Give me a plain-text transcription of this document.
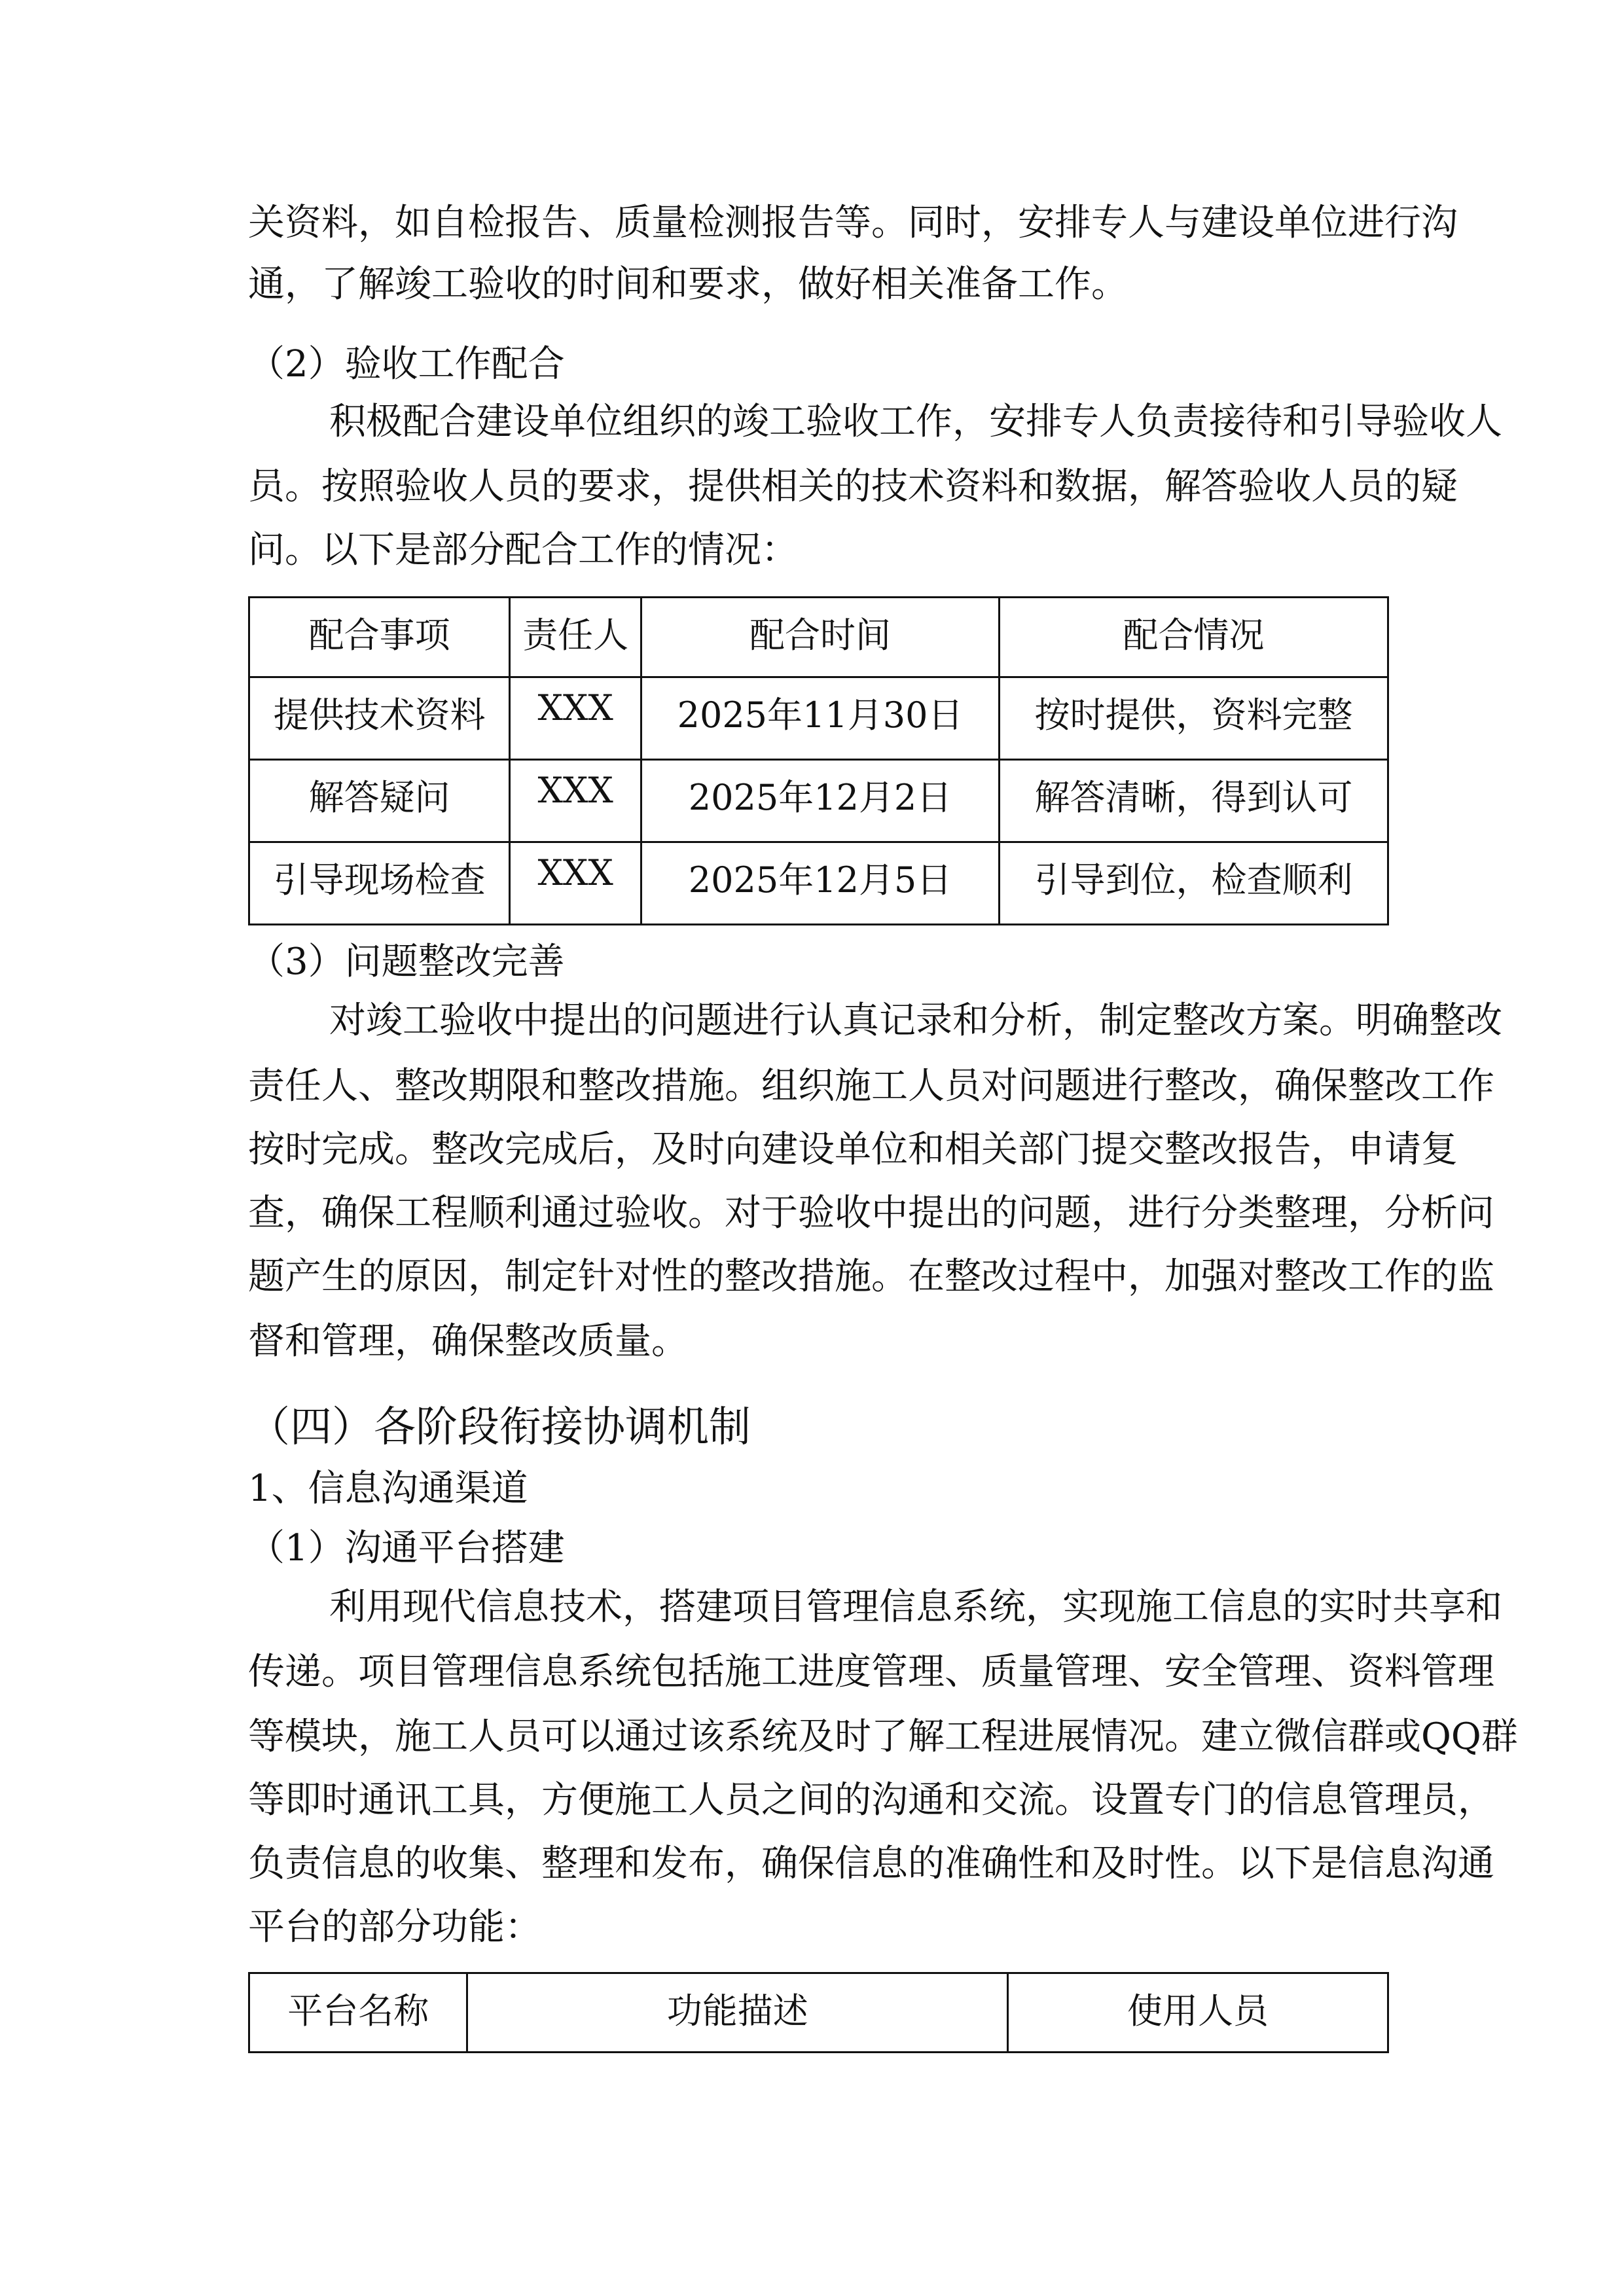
关资料，如自检报告、质量检测报告等。同时，安排专人与建设单位进行沟
通，了解竣工验收的时间和要求，做好相关准备工作。
（2）验收工作配合
积极配合建设单位组织的竣工验收工作，安排专人负责接待和引导验收人
员。按照验收人员的要求，提供相关的技术资料和数据，解答验收人员的疑
问。以下是部分配合工作的情况：
（3）问题整改完善
对竣工验收中提出的问题进行认真记录和分析，制定整改方案。明确整改
责任人、整改期限和整改措施。组织施工人员对问题进行整改，确保整改工作
按时完成。整改完成后，及时向建设单位和相关部门提交整改报告，申请复
查，确保工程顺利通过验收。对于验收中提出的问题，进行分类整理，分析问
题产生的原因，制定针对性的整改措施。在整改过程中，加强对整改工作的监
督和管理，确保整改质量。
（四）各阶段衔接协调机制
1、信息沟通渠道
（1）沟通平台搭建
利用现代信息技术，搭建项目管理信息系统，实现施工信息的实时共享和
传递。项目管理信息系统包括施工进度管理、质量管理、安全管理、资料管理
等模块，施工人员可以通过该系统及时了解工程进展情况。建立微信群或QQ群
等即时通讯工具，方便施工人员之间的沟通和交流。设置专门的信息管理员，
负责信息的收集、整理和发布，确保信息的准确性和及时性。以下是信息沟通
平台的部分功能：
配合事项	责任人	配合时间	配合情况
提供技术资料	XXX	2025年11月30日	按时提供，资料完整
解答疑问	XXX	2025年12月2日	解答清晰，得到认可
引导现场检查	XXX	2025年12月5日	引导到位，检查顺利
平台名称	功能描述	使用人员
